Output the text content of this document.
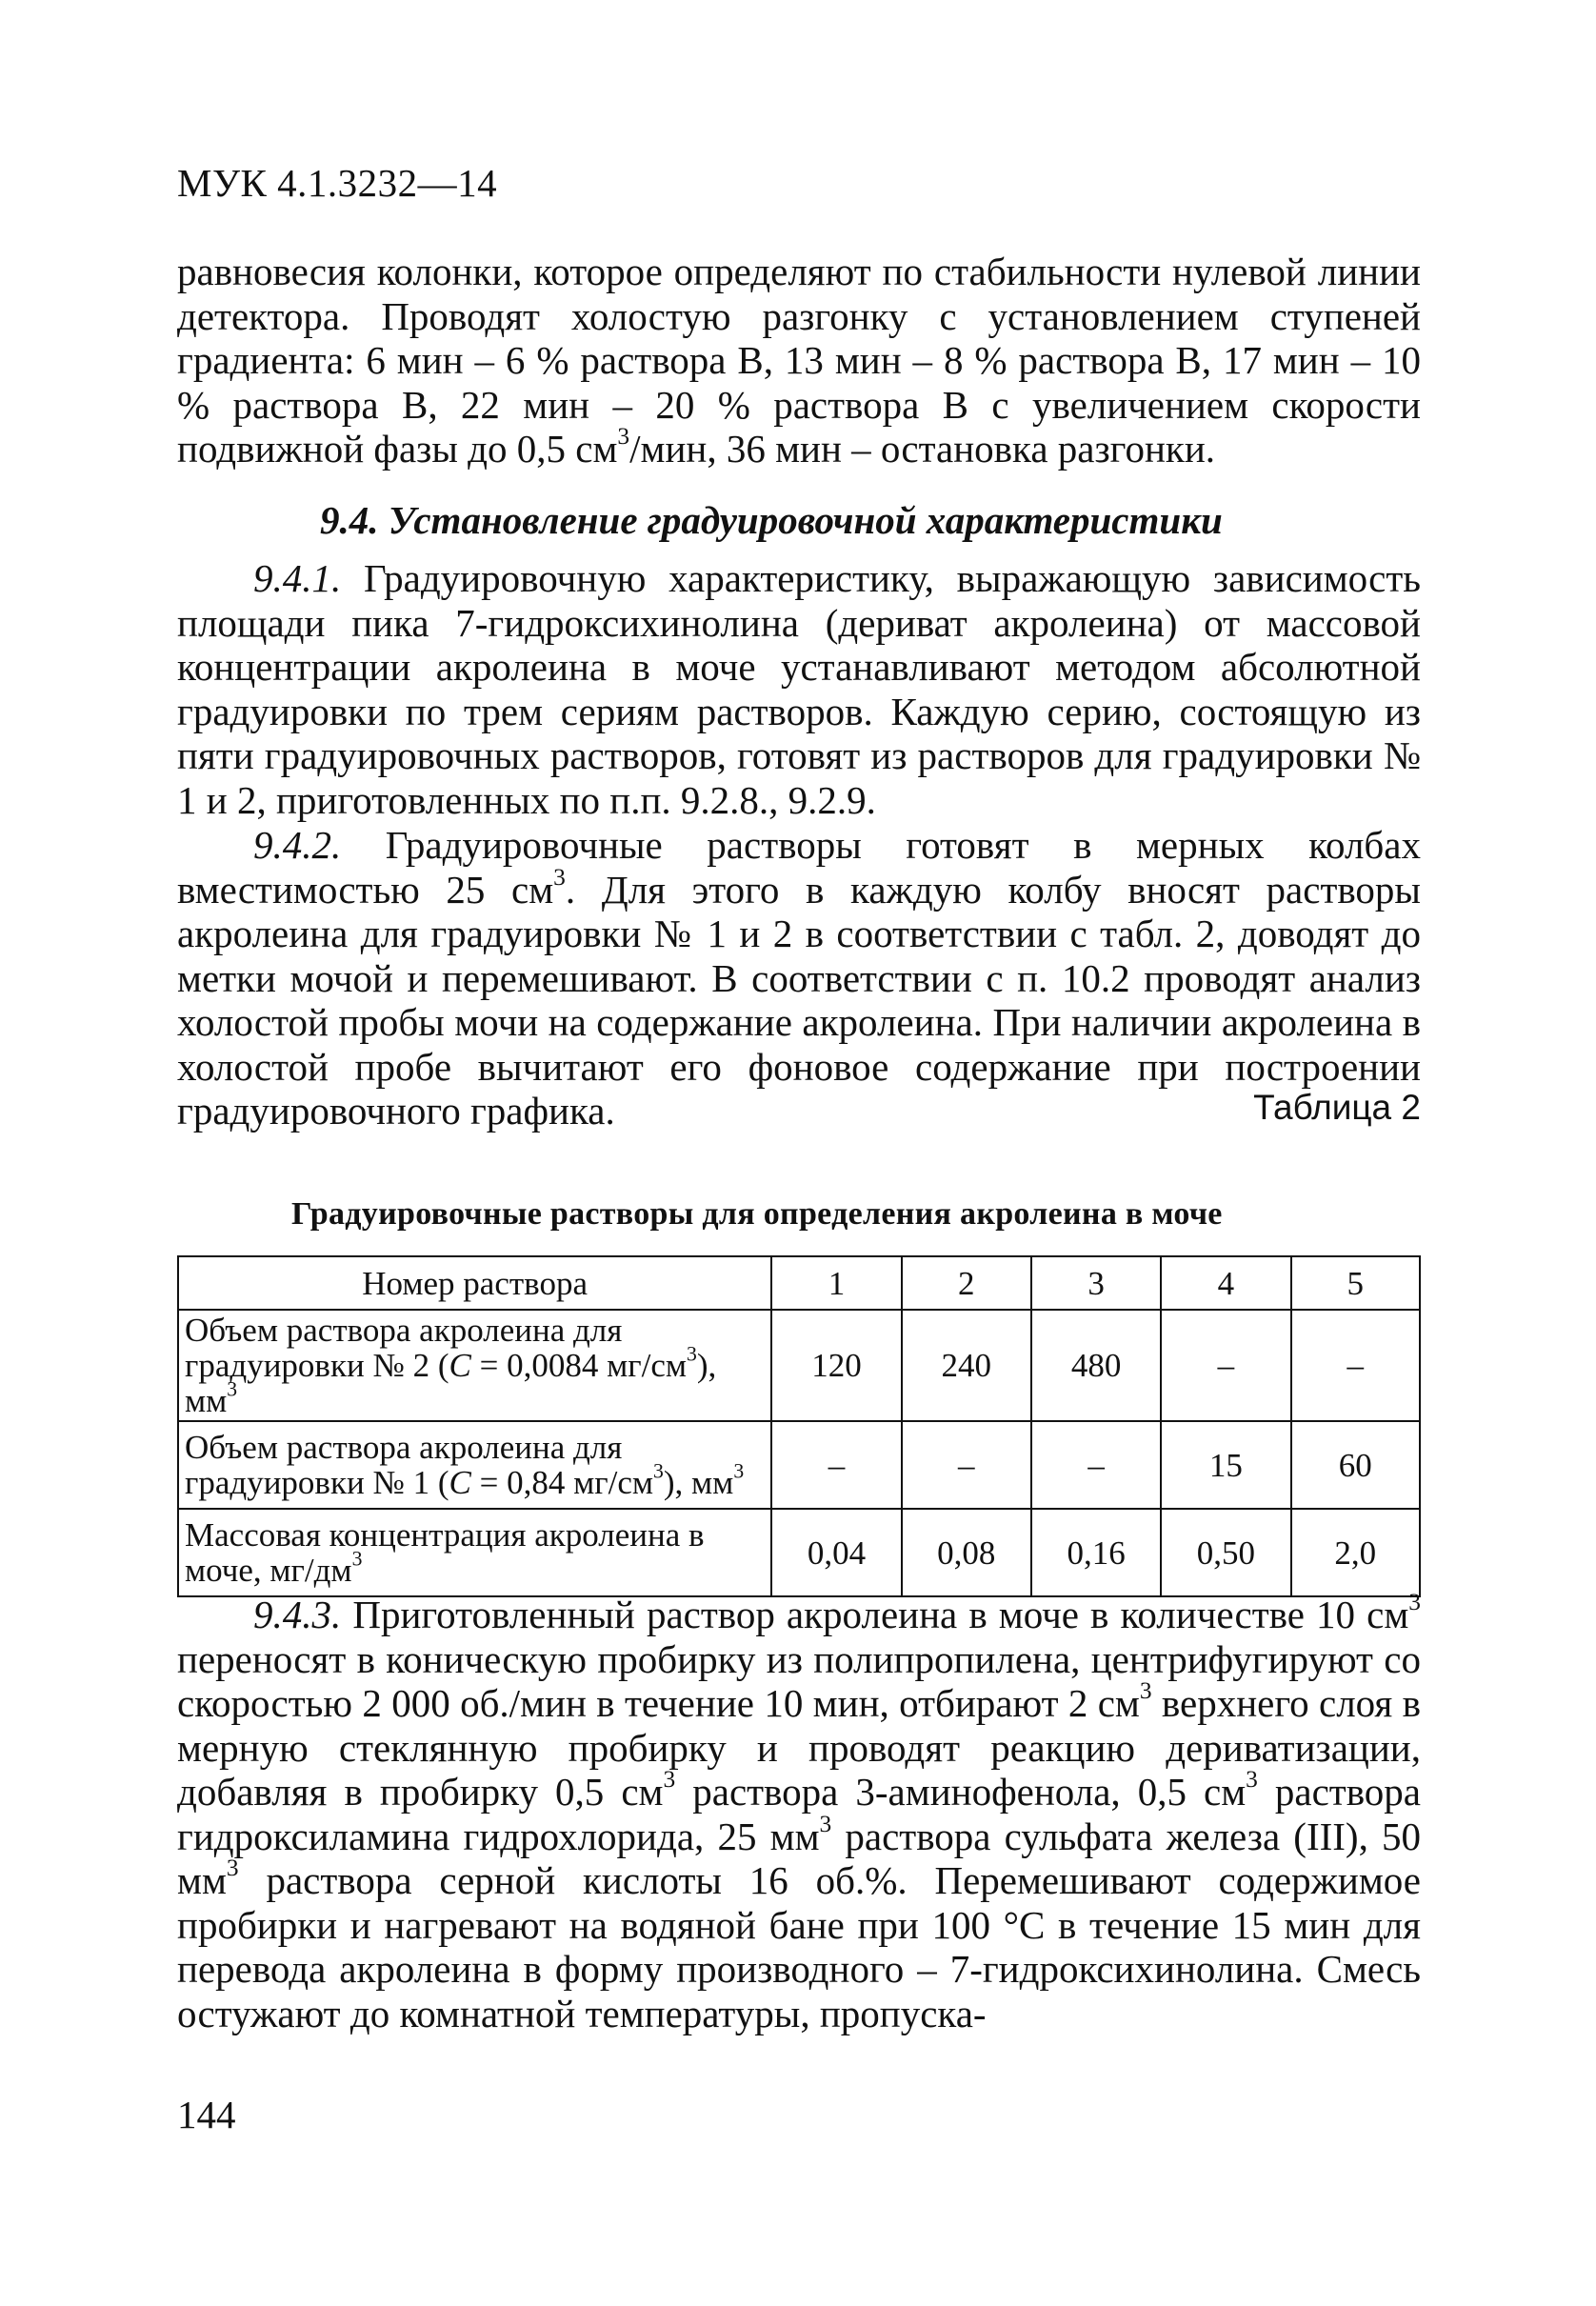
МУК 4.1.3232—14

равновесия колонки, которое определяют по стабильности нулевой линии детектора. Проводят холостую разгонку с установлением ступеней градиента: 6 мин – 6 % раствора В, 13 мин – 8 % раствора В, 17 мин – 10 % раствора В, 22 мин – 20 % раствора В с увеличением скорости подвижной фазы до 0,5 $см^3$/мин, 36 мин – остановка разгонки.

9.4. Установление градуировочной характеристики

9.4.1. Градуировочную характеристику, выражающую зависимость площади пика 7-гидроксихинолина (дериват акролеина) от массовой концентрации акролеина в моче устанавливают методом абсолютной градуировки по трем сериям растворов. Каждую серию, состоящую из пяти градуировочных растворов, готовят из растворов для градуировки № 1 и 2, приготовленных по п.п. 9.2.8., 9.2.9.

9.4.2. Градуировочные растворы готовят в мерных колбах вместимостью 25 $см^3$. Для этого в каждую колбу вносят растворы акролеина для градуировки № 1 и 2 в соответствии с табл. 2, доводят до метки мочой и перемешивают. В соответствии с п. 10.2 проводят анализ холостой пробы мочи на содержание акролеина. При наличии акролеина в холостой пробе вычитают его фоновое содержание при построении градуировочного графика.	Таблица 2
Градуировочные растворы для определения акролеина в моче
Номер раствора	1	2	3	4	5
Объем раствора акролеина для градуировки № 2 (С = 0,0084 $мг/см^3$), $мм^3$	120	240	480	–	–
Объем раствора акролеина для градуировки № 1 (С = 0,84 $мг/см^3$), $мм^3$	–	–	–	15	60
Массовая концентрация акролеина в моче, $мг/дм^3$	0,04	0,08	0,16	0,50	2,0

9.4.3. Приготовленный раствор акролеина в моче в количестве 10 $см^3$ переносят в коническую пробирку из полипропилена, центрифугируют со скоростью 2 000 об./мин в течение 10 мин, отбирают 2 $см^3$ верхнего слоя в мерную стеклянную пробирку и проводят реакцию дериватизации, добавляя в пробирку 0,5 $см^3$ раствора 3-аминофенола, 0,5 $см^3$ раствора гидроксиламина гидрохлорида, 25 $мм^3$ раствора сульфата железа (III), 50 $мм^3$ раствора серной кислоты 16 об.%. Перемешивают содержимое пробирки и нагревают на водяной бане при 100 °С в течение 15 мин для перевода акролеина в форму производного – 7-гидроксихинолина. Смесь остужают до комнатной температуры, пропуска-

144
